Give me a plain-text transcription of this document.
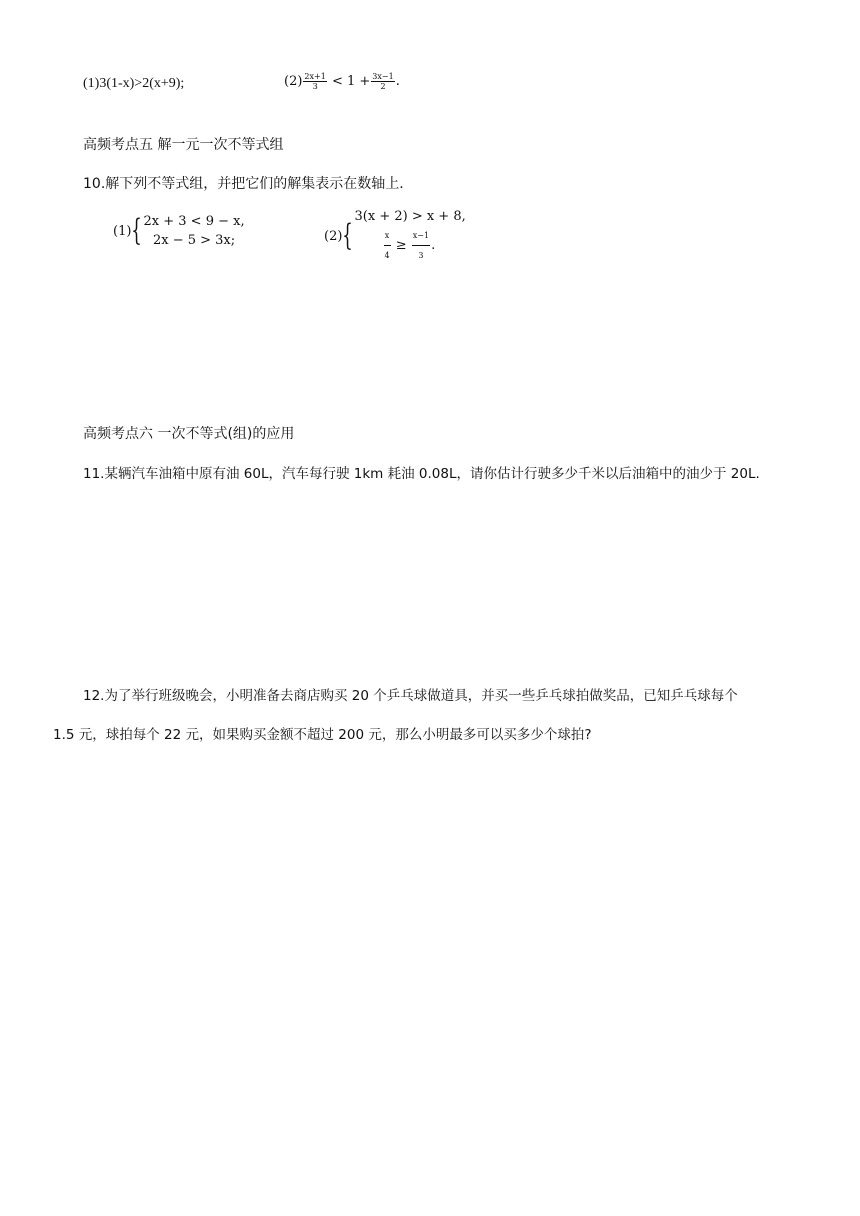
(1)3(1-x)>2(x+9);	$(2) \frac{2x+1}{3} < 1 + \frac{3x-1}{2}$ .
高频考点五 解一元一次不等式组
10.解下列不等式组，并把它们的解集表示在数轴上.
(1) { 2x + 3 < 9 − x,
2x − 5 > 3x;	(2) {
3(x + 2) > x + 8,
$\frac{x}{4} \ge \frac{x-1}{3}$ .
高频考点六 一次不等式(组)的应用
11.某辆汽车油箱中原有油 60L，汽车每行驶 1km 耗油 0.08L，请你估计行驶多少千米以后油箱中的油少于 20L.
12.为了举行班级晚会，小明准备去商店购买 20 个乒乓球做道具，并买一些乒乓球拍做奖品，已知乒乓球每个
1.5 元，球拍每个 22 元，如果购买金额不超过 200 元，那么小明最多可以买多少个球拍?
